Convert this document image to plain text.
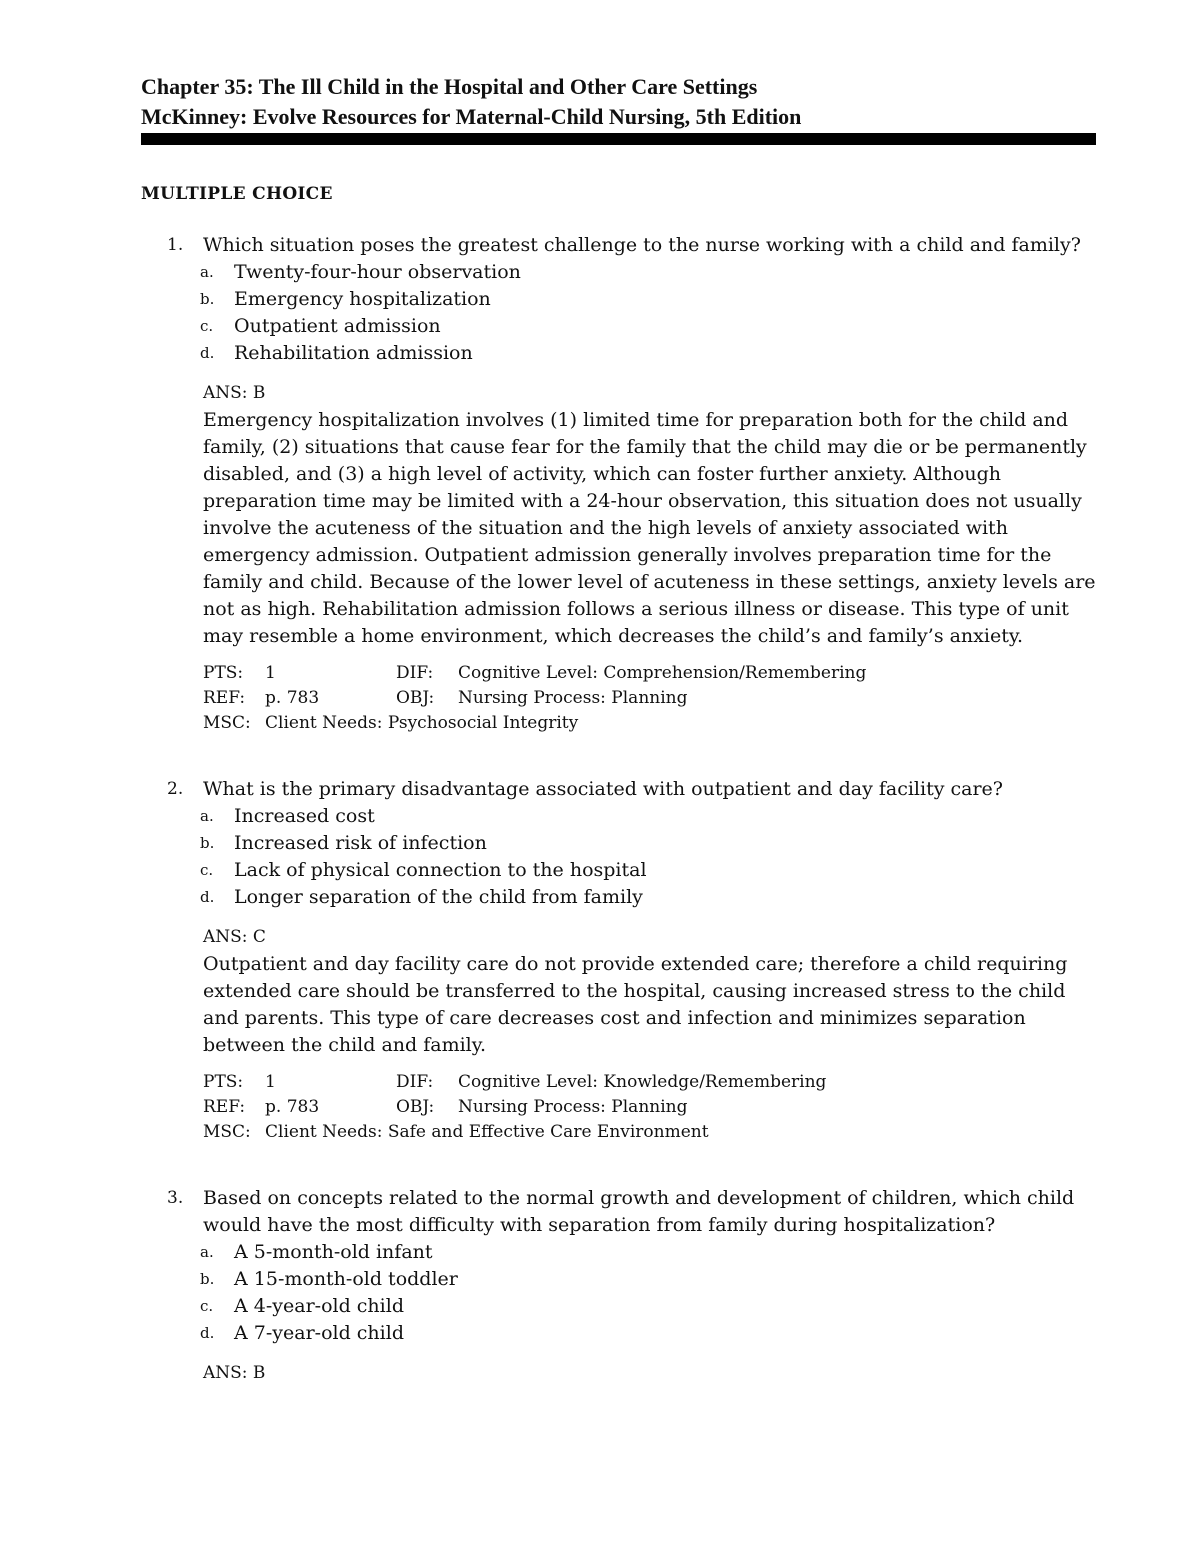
Chapter 35: The Ill Child in the Hospital and Other Care Settings
McKinney: Evolve Resources for Maternal-Child Nursing, 5th Edition
MULTIPLE CHOICE
1. Which situation poses the greatest challenge to the nurse working with a child and family?
a. Twenty-four-hour observation
b. Emergency hospitalization
c. Outpatient admission
d. Rehabilitation admission
ANS: B
Emergency hospitalization involves (1) limited time for preparation both for the child and family, (2) situations that cause fear for the family that the child may die or be permanently disabled, and (3) a high level of activity, which can foster further anxiety. Although preparation time may be limited with a 24-hour observation, this situation does not usually involve the acuteness of the situation and the high levels of anxiety associated with emergency admission. Outpatient admission generally involves preparation time for the family and child. Because of the lower level of acuteness in these settings, anxiety levels are not as high. Rehabilitation admission follows a serious illness or disease. This type of unit may resemble a home environment, which decreases the child’s and family’s anxiety.
PTS: 1	DIF: Cognitive Level: Comprehension/Remembering
REF: p. 783	OBJ: Nursing Process: Planning
MSC: Client Needs: Psychosocial Integrity
2. What is the primary disadvantage associated with outpatient and day facility care?
a. Increased cost
b. Increased risk of infection
c. Lack of physical connection to the hospital
d. Longer separation of the child from family
ANS: C
Outpatient and day facility care do not provide extended care; therefore a child requiring extended care should be transferred to the hospital, causing increased stress to the child and parents. This type of care decreases cost and infection and minimizes separation between the child and family.
PTS: 1	DIF: Cognitive Level: Knowledge/Remembering
REF: p. 783	OBJ: Nursing Process: Planning
MSC: Client Needs: Safe and Effective Care Environment
3. Based on concepts related to the normal growth and development of children, which child would have the most difficulty with separation from family during hospitalization?
a. A 5-month-old infant
b. A 15-month-old toddler
c. A 4-year-old child
d. A 7-year-old child
ANS: B
